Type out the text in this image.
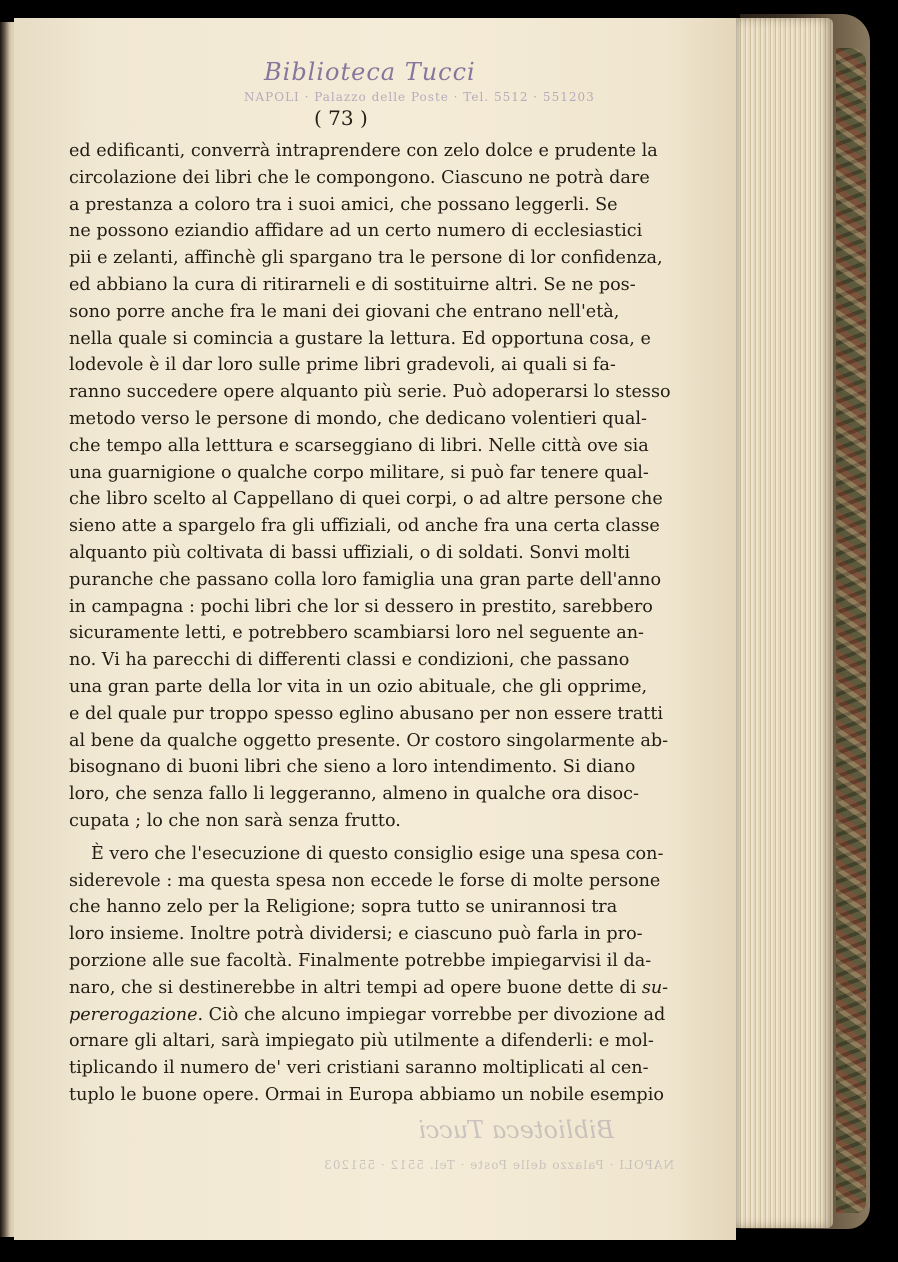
Biblioteca Tucci
NAPOLI · Palazzo delle Poste · Tel. 5512 · 551203
( 73 )
ed edificanti, converrà intraprendere con zelo dolce e prudente la
circolazione dei libri che le compongono. Ciascuno ne potrà dare
a prestanza a coloro tra i suoi amici, che possano leggerli. Se
ne possono eziandio affidare ad un certo numero di ecclesiastici
pii e zelanti, affinchè gli spargano tra le persone di lor confidenza,
ed abbiano la cura di ritirarneli e di sostituirne altri. Se ne pos-
sono porre anche fra le mani dei giovani che entrano nell'età,
nella quale si comincia a gustare la lettura. Ed opportuna cosa, e
lodevole è il dar loro sulle prime libri gradevoli, ai quali si fa-
ranno succedere opere alquanto più serie. Può adoperarsi lo stesso
metodo verso le persone di mondo, che dedicano volentieri qual-
che tempo alla letttura e scarseggiano di libri. Nelle città ove sia
una guarnigione o qualche corpo militare, si può far tenere qual-
che libro scelto al Cappellano di quei corpi, o ad altre persone che
sieno atte a spargelo fra gli uffiziali, od anche fra una certa classe
alquanto più coltivata di bassi uffiziali, o di soldati. Sonvi molti
puranche che passano colla loro famiglia una gran parte dell'anno
in campagna : pochi libri che lor si dessero in prestito, sarebbero
sicuramente letti, e potrebbero scambiarsi loro nel seguente an-
no. Vi ha parecchi di differenti classi e condizioni, che passano
una gran parte della lor vita in un ozio abituale, che gli opprime,
e del quale pur troppo spesso eglino abusano per non essere tratti
al bene da qualche oggetto presente. Or costoro singolarmente ab-
bisognano di buoni libri che sieno a loro intendimento. Si diano
loro, che senza fallo li leggeranno, almeno in qualche ora disoc-
cupata ; lo che non sarà senza frutto.
È vero che l'esecuzione di questo consiglio esige una spesa con-
siderevole : ma questa spesa non eccede le forse di molte persone
che hanno zelo per la Religione; sopra tutto se unirannosi tra
loro insieme. Inoltre potrà dividersi; e ciascuno può farla in pro-
porzione alle sue facoltà. Finalmente potrebbe impiegarvisi il da-
naro, che si destinerebbe in altri tempi ad opere buone dette di su-
pererogazione. Ciò che alcuno impiegar vorrebbe per divozione ad
ornare gli altari, sarà impiegato più utilmente a difenderli: e mol-
tiplicando il numero de' veri cristiani saranno moltiplicati al cen-
tuplo le buone opere. Ormai in Europa abbiamo un nobile esempio
Biblioteca Tucci
NAPOLI · Palazzo delle Poste · Tel. 5512 · 551203
